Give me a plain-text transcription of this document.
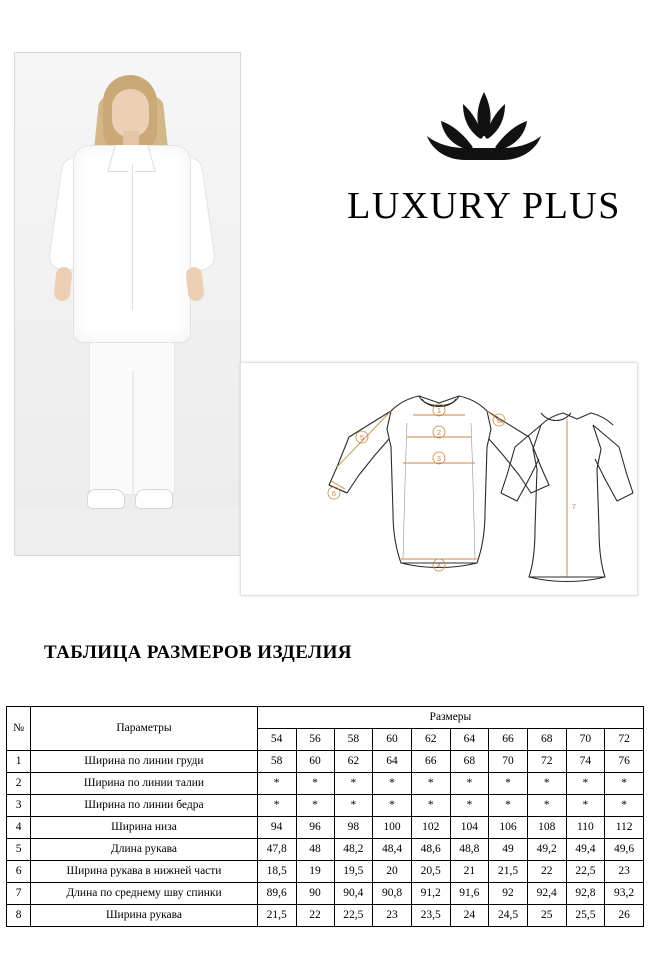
LUXURY PLUS
1
2
3
4
5
6
7
8
ТАБЛИЦА РАЗМЕРОВ ИЗДЕЛИЯ
№	Параметры	Размеры									
		54	56	58	60	62	64	66	68	70	72
1	Ширина по линии груди	58	60	62	64	66	68	70	72	74	76
2	Ширина по линии талии	*	*	*	*	*	*	*	*	*	*
3	Ширина по линии бедра	*	*	*	*	*	*	*	*	*	*
4	Ширина низа	94	96	98	100	102	104	106	108	110	112
5	Длина рукава	47,8	48	48,2	48,4	48,6	48,8	49	49,2	49,4	49,6
6	Ширина рукава в нижней части	18,5	19	19,5	20	20,5	21	21,5	22	22,5	23
7	Длина по среднему шву спинки	89,6	90	90,4	90,8	91,2	91,6	92	92,4	92,8	93,2
8	Ширина рукава	21,5	22	22,5	23	23,5	24	24,5	25	25,5	26
